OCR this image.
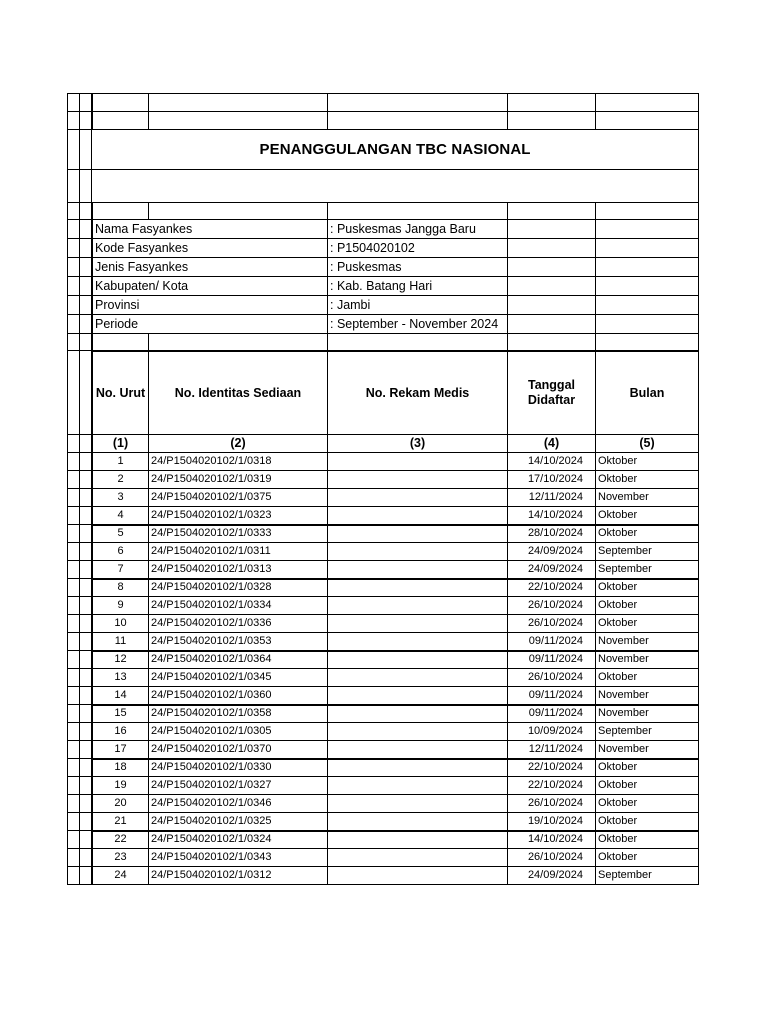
		PENANGGULANGAN TBC NASIONAL				

			Nama Fasyankes		: Puskesmas Jangga Baru		
			Kode Fasyankes		: P1504020102		
			Jenis Fasyankes		: Puskesmas		
			Kabupaten/ Kota		: Kab. Batang Hari		
			Provinsi		: Jambi		
			Periode		: September - November 2024		

			No. Urut	No. Identitas Sediaan	No. Rekam Medis	Tanggal Didaftar	Bulan
			(1)	(2)	(3)	(4)	(5)
			1	24/P1504020102/1/0318		14/10/2024	Oktober
			2	24/P1504020102/1/0319		17/10/2024	Oktober
			3	24/P1504020102/1/0375		12/11/2024	November
			4	24/P1504020102/1/0323		14/10/2024	Oktober
			5	24/P1504020102/1/0333		28/10/2024	Oktober
			6	24/P1504020102/1/0311		24/09/2024	September
			7	24/P1504020102/1/0313		24/09/2024	September
			8	24/P1504020102/1/0328		22/10/2024	Oktober
			9	24/P1504020102/1/0334		26/10/2024	Oktober
			10	24/P1504020102/1/0336		26/10/2024	Oktober
			11	24/P1504020102/1/0353		09/11/2024	November
			12	24/P1504020102/1/0364		09/11/2024	November
			13	24/P1504020102/1/0345		26/10/2024	Oktober
			14	24/P1504020102/1/0360		09/11/2024	November
			15	24/P1504020102/1/0358		09/11/2024	November
			16	24/P1504020102/1/0305		10/09/2024	September
			17	24/P1504020102/1/0370		12/11/2024	November
			18	24/P1504020102/1/0330		22/10/2024	Oktober
			19	24/P1504020102/1/0327		22/10/2024	Oktober
			20	24/P1504020102/1/0346		26/10/2024	Oktober
			21	24/P1504020102/1/0325		19/10/2024	Oktober
			22	24/P1504020102/1/0324		14/10/2024	Oktober
			23	24/P1504020102/1/0343		26/10/2024	Oktober
			24	24/P1504020102/1/0312		24/09/2024	September
